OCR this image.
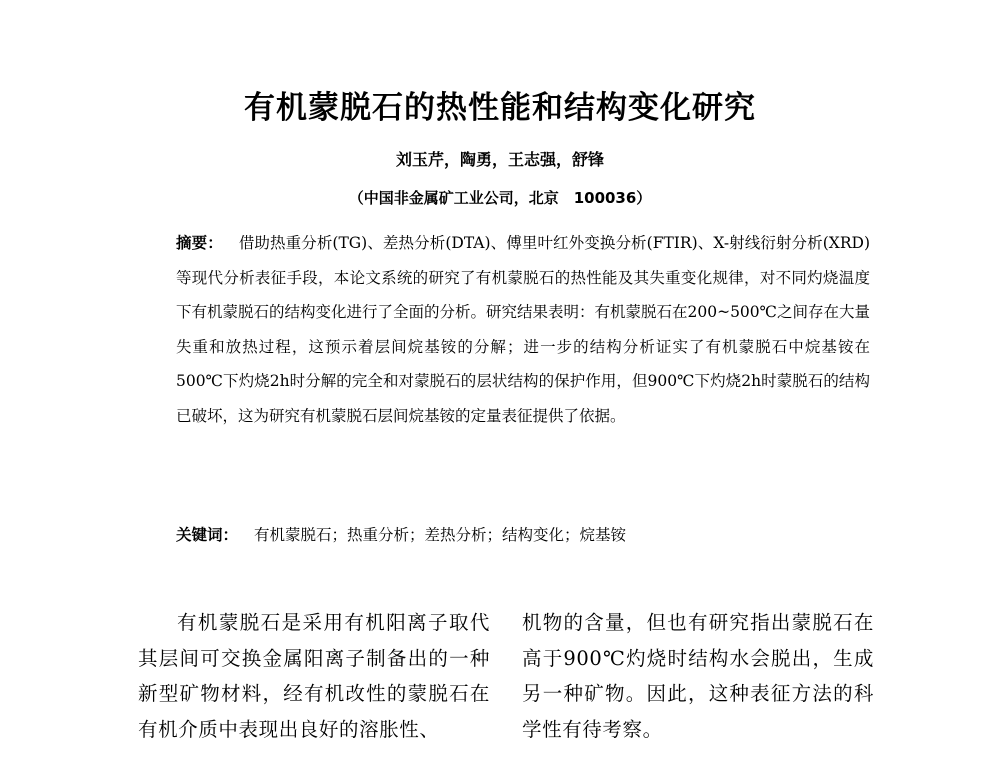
有机蒙脱石的热性能和结构变化研究
刘玉芹，陶勇，王志强，舒锋
（中国非金属矿工业公司，北京　100036）

摘要： 借助热重分析(TG)、差热分析(DTA)、傅里叶红外变换分析(FTIR)、X-射线衍射分析(XRD)等现代分析表征手段，本论文系统的研究了有机蒙脱石的热性能及其失重变化规律，对不同灼烧温度下有机蒙脱石的结构变化进行了全面的分析。研究结果表明：有机蒙脱石在200~500℃之间存在大量失重和放热过程，这预示着层间烷基铵的分解；进一步的结构分析证实了有机蒙脱石中烷基铵在500℃下灼烧2h时分解的完全和对蒙脱石的层状结构的保护作用，但900℃下灼烧2h时蒙脱石的结构已破坏，这为研究有机蒙脱石层间烷基铵的定量表征提供了依据。

关键词： 有机蒙脱石；热重分析；差热分析；结构变化；烷基铵

有机蒙脱石是采用有机阳离子取代其层间可交换金属阳离子制备出的一种新型矿物材料，经有机改性的蒙脱石在有机介质中表现出良好的溶胀性、

机物的含量，但也有研究指出蒙脱石在高于900℃灼烧时结构水会脱出，生成另一种矿物。因此，这种表征方法的科学性有待考察。
